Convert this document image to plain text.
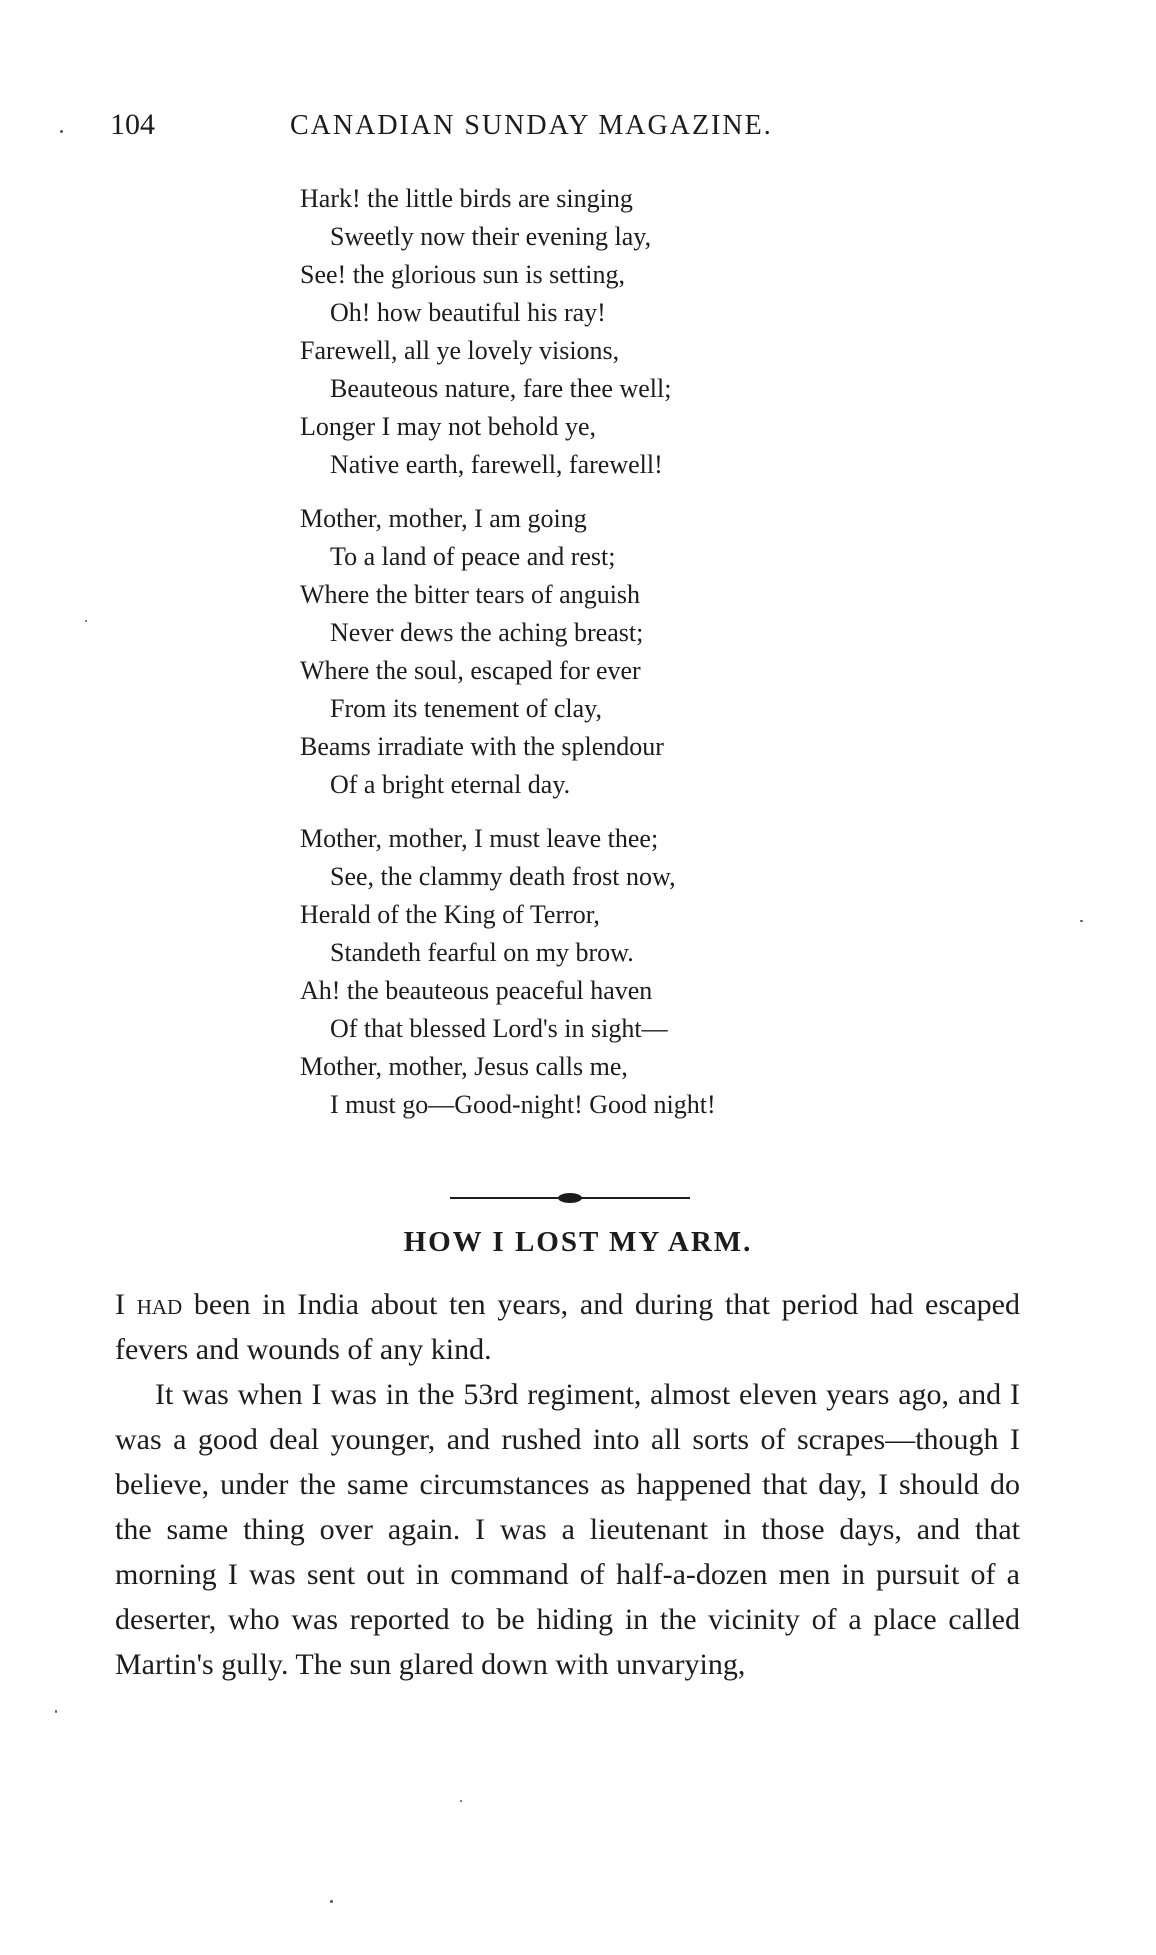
104	CANADIAN SUNDAY MAGAZINE.
Hark! the little birds are singing
Sweetly now their evening lay,
See! the glorious sun is setting,
Oh! how beautiful his ray!
Farewell, all ye lovely visions,
Beauteous nature, fare thee well;
Longer I may not behold ye,
Native earth, farewell, farewell!
Mother, mother, I am going
To a land of peace and rest;
Where the bitter tears of anguish
Never dews the aching breast;
Where the soul, escaped for ever
From its tenement of clay,
Beams irradiate with the splendour
Of a bright eternal day.
Mother, mother, I must leave thee;
See, the clammy death frost now,
Herald of the King of Terror,
Standeth fearful on my brow.
Ah! the beauteous peaceful haven
Of that blessed Lord's in sight—
Mother, mother, Jesus calls me,
I must go—Good-night! Good night!
HOW I LOST MY ARM.

I had been in India about ten years, and during that period had escaped fevers and wounds of any kind.

It was when I was in the 53rd regiment, almost eleven years ago, and I was a good deal younger, and rushed into all sorts of scrapes—though I believe, under the same circumstances as happened that day, I should do the same thing over again. I was a lieutenant in those days, and that morning I was sent out in command of half-a-dozen men in pursuit of a deserter, who was reported to be hiding in the vicinity of a place called Martin's gully. The sun glared down with unvarying,
